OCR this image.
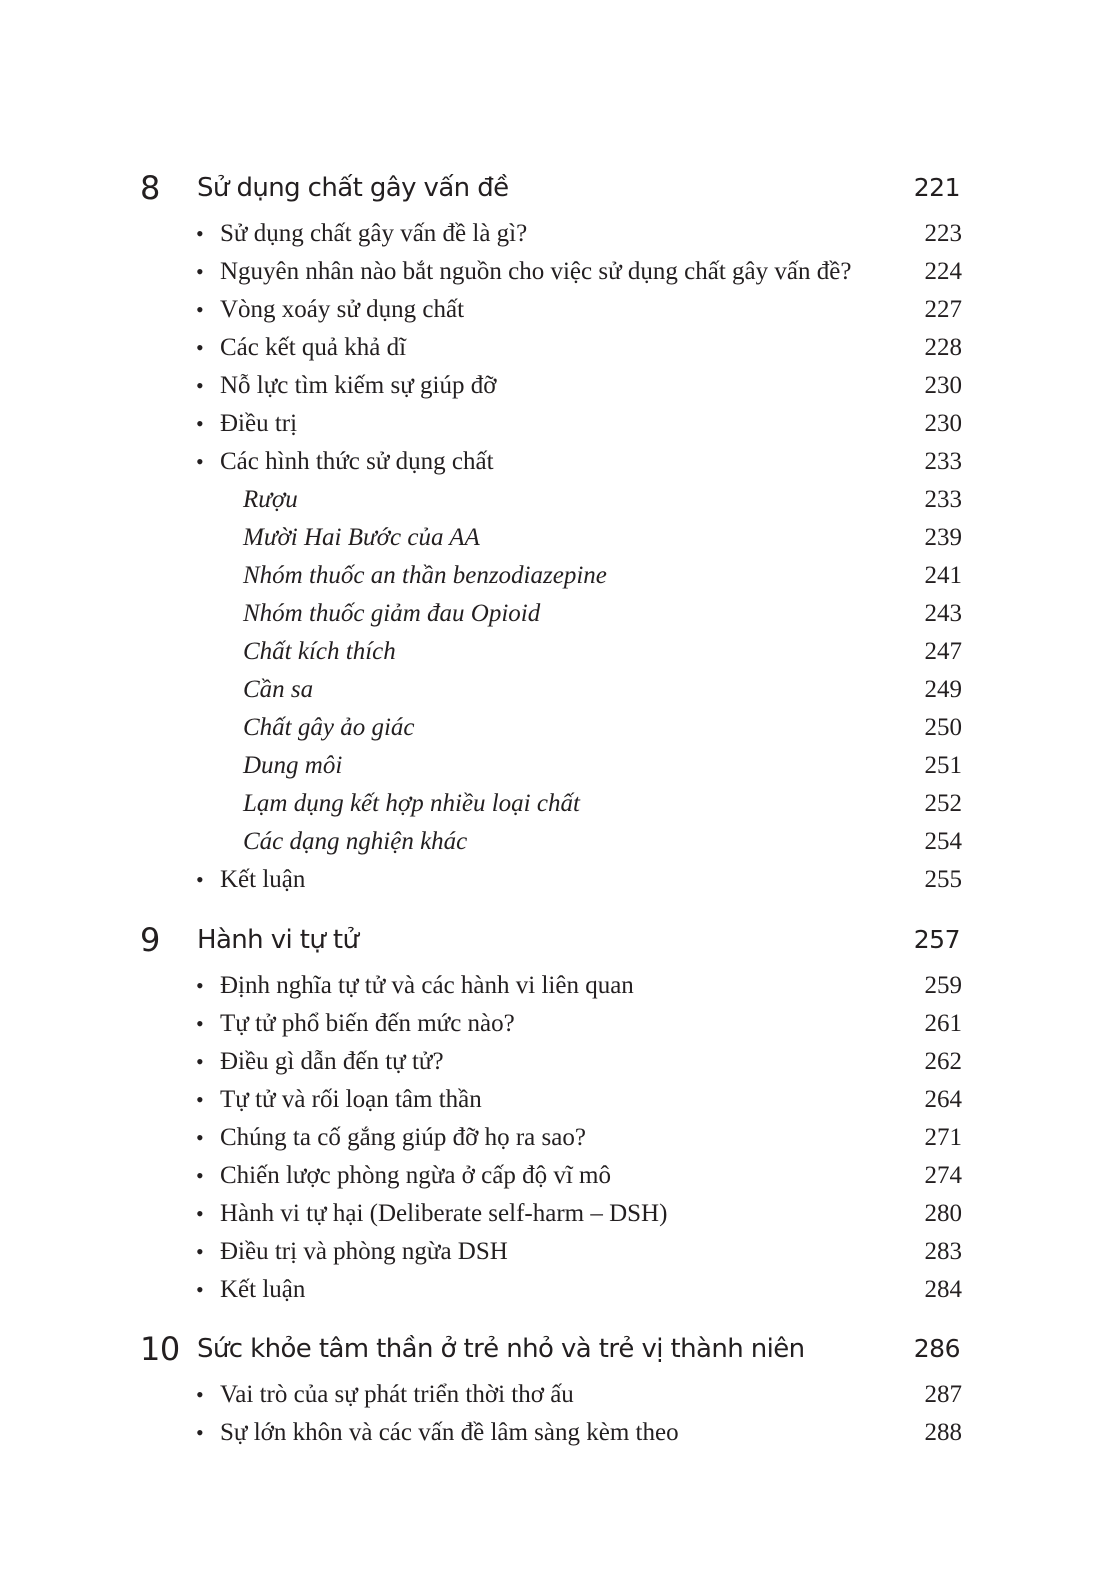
8 Sử dụng chất gây vấn đề	221
• Sử dụng chất gây vấn đề là gì?	223
• Nguyên nhân nào bắt nguồn cho việc sử dụng chất gây vấn đề?	224
• Vòng xoáy sử dụng chất	227
• Các kết quả khả dĩ	228
• Nỗ lực tìm kiếm sự giúp đỡ	230
• Điều trị	230
• Các hình thức sử dụng chất	233
Rượu	233
Mười Hai Bước của AA	239
Nhóm thuốc an thần benzodiazepine	241
Nhóm thuốc giảm đau Opioid	243
Chất kích thích	247
Cần sa	249
Chất gây ảo giác	250
Dung môi	251
Lạm dụng kết hợp nhiều loại chất	252
Các dạng nghiện khác	254
• Kết luận	255
9 Hành vi tự tử	257
• Định nghĩa tự tử và các hành vi liên quan	259
• Tự tử phổ biến đến mức nào?	261
• Điều gì dẫn đến tự tử?	262
• Tự tử và rối loạn tâm thần	264
• Chúng ta cố gắng giúp đỡ họ ra sao?	271
• Chiến lược phòng ngừa ở cấp độ vĩ mô	274
• Hành vi tự hại (Deliberate self-harm – DSH)	280
• Điều trị và phòng ngừa DSH	283
• Kết luận	284
10 Sức khỏe tâm thần ở trẻ nhỏ và trẻ vị thành niên	286
• Vai trò của sự phát triển thời thơ ấu	287
• Sự lớn khôn và các vấn đề lâm sàng kèm theo	288
